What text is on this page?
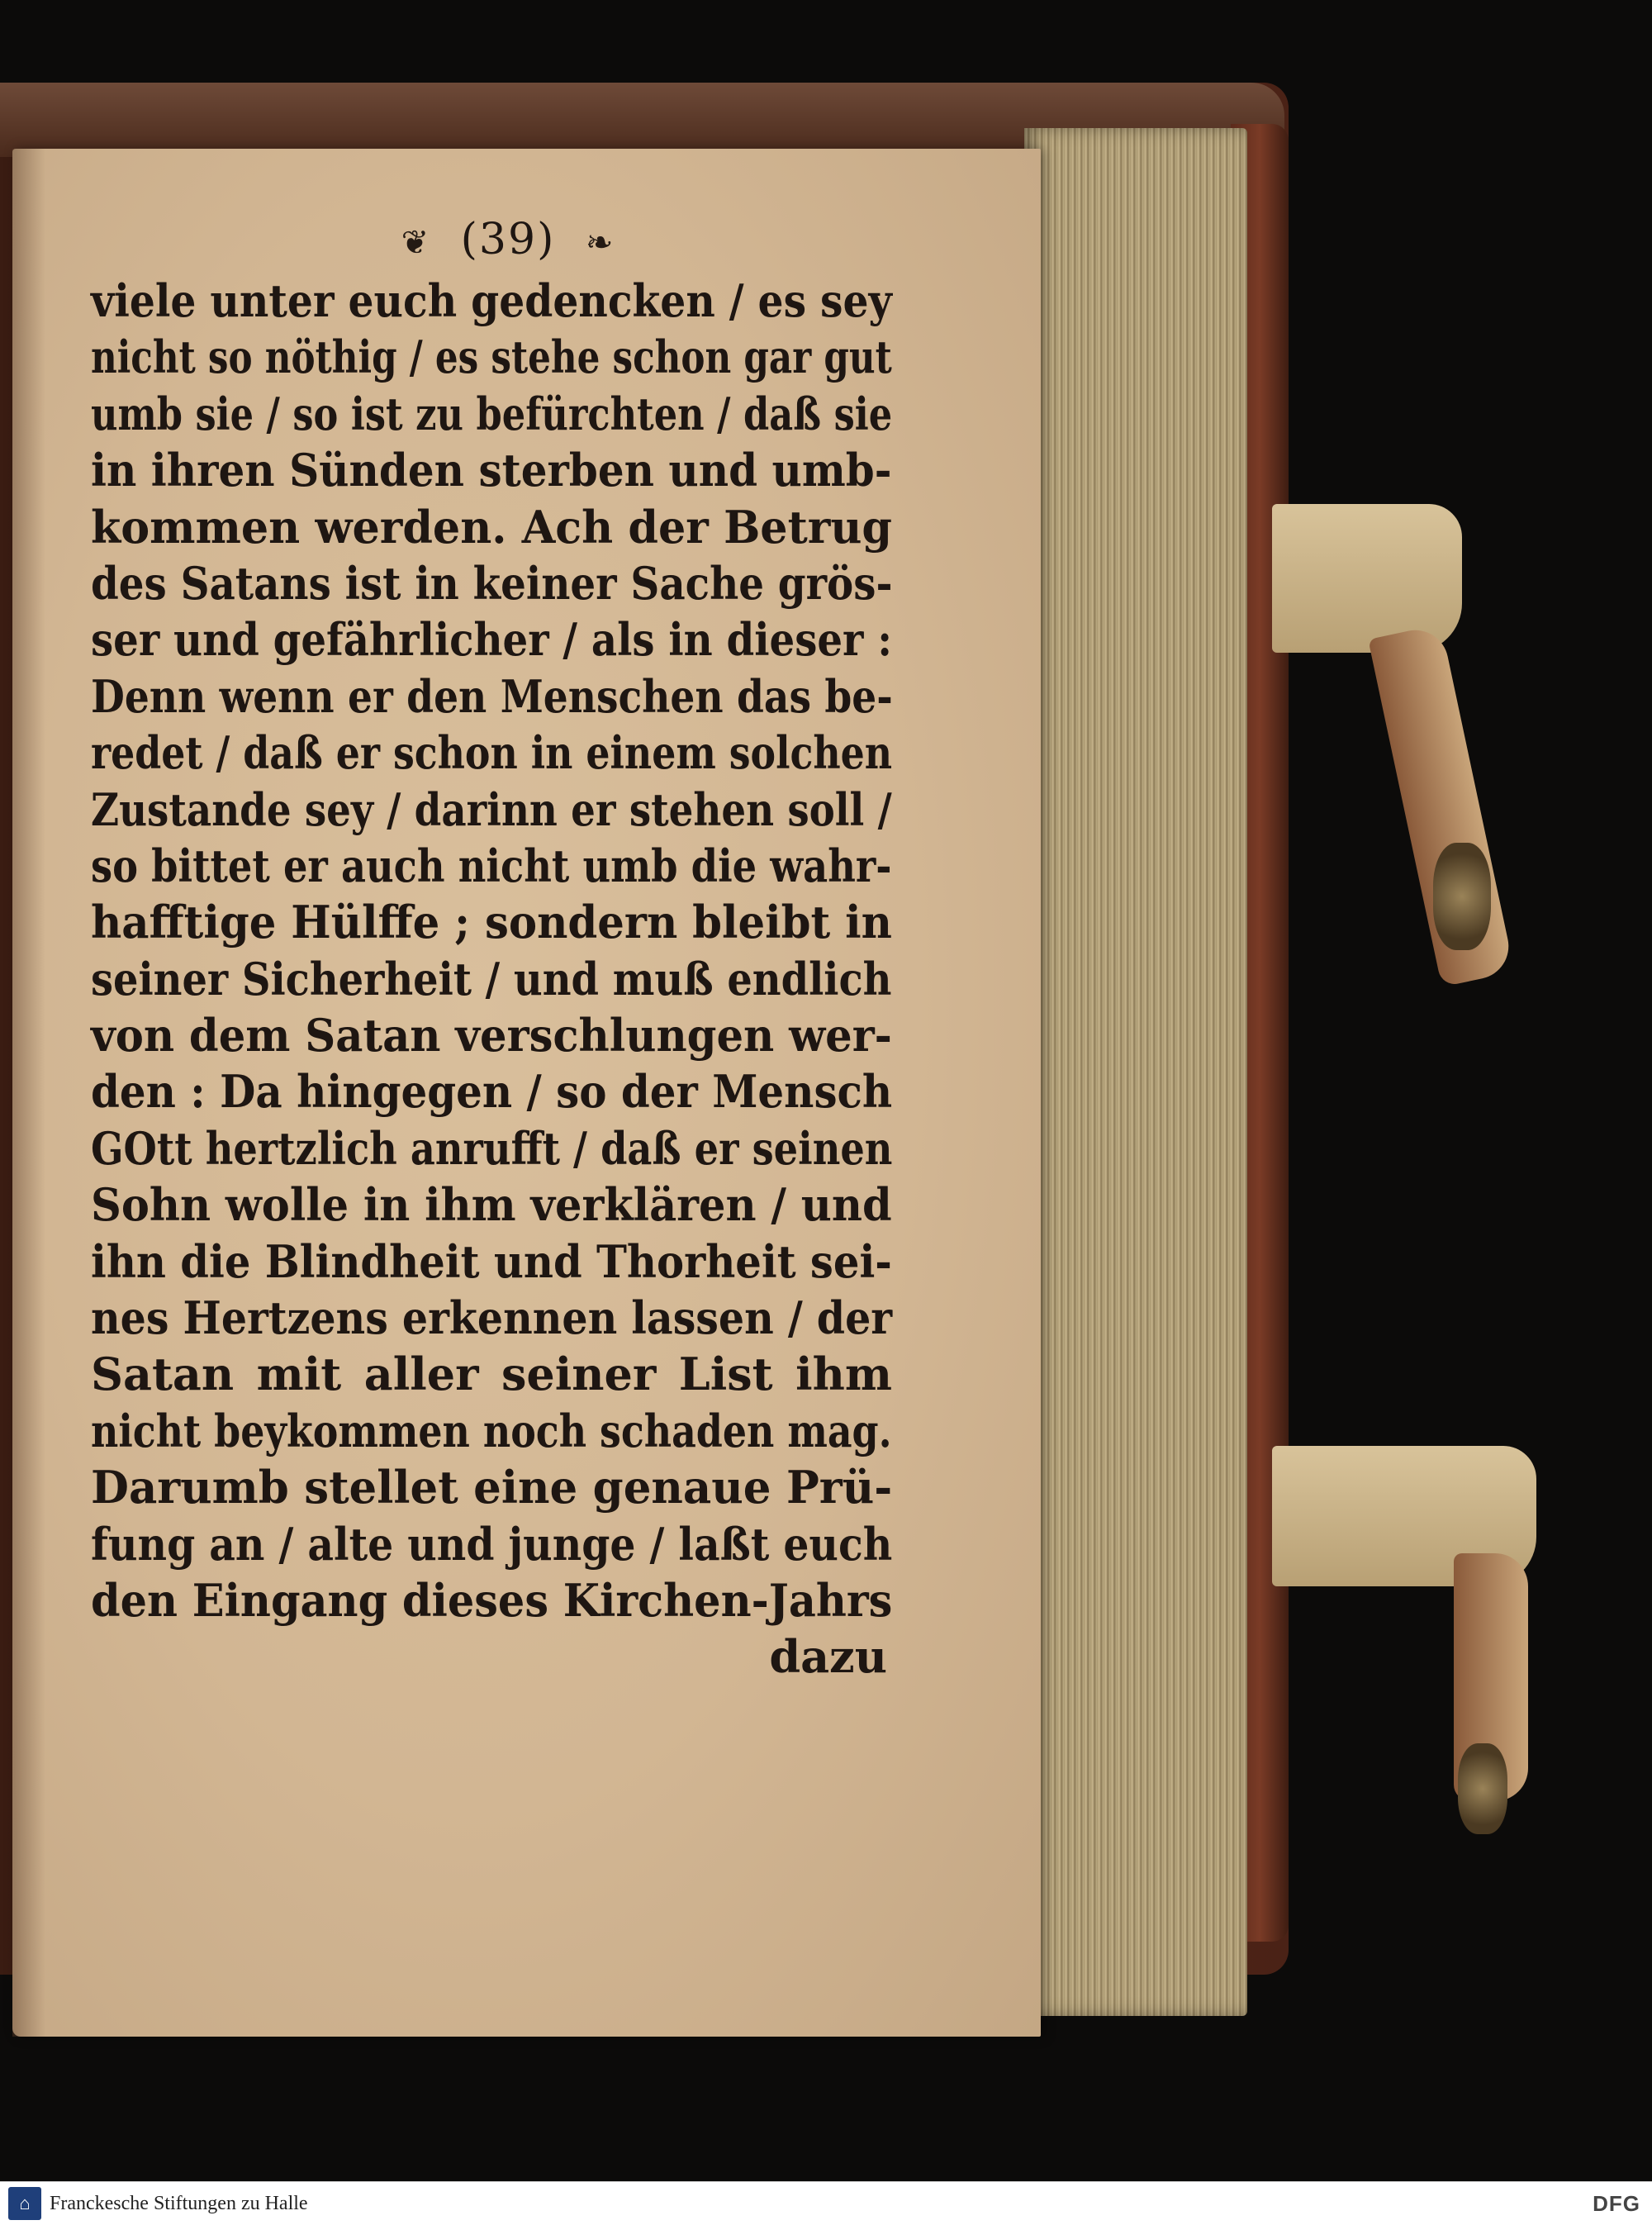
❦ (39) ❧
viele unter euch gedencken / es sey
nicht so nöthig / es stehe schon gar gut
umb sie / so ist zu befürchten / daß sie
in ihren Sünden sterben und umb-
kommen werden. Ach der Betrug
des Satans ist in keiner Sache grös-
ser und gefährlicher / als in dieser :
Denn wenn er den Menschen das be-
redet / daß er schon in einem solchen
Zustande sey / darinn er stehen soll /
so bittet er auch nicht umb die wahr-
hafftige Hülffe ; sondern bleibt in
seiner Sicherheit / und muß endlich
von dem Satan verschlungen wer-
den : Da hingegen / so der Mensch
GOtt hertzlich anrufft / daß er seinen
Sohn wolle in ihm verklären / und
ihn die Blindheit und Thorheit sei-
nes Hertzens erkennen lassen / der
Satan mit aller seiner List ihm
nicht beykommen noch schaden mag.
Darumb stellet eine genaue Prü-
fung an / alte und junge / laßt euch
den Eingang dieses Kirchen-Jahrs
dazu
⌂ Franckesche Stiftungen zu Halle	DFG
